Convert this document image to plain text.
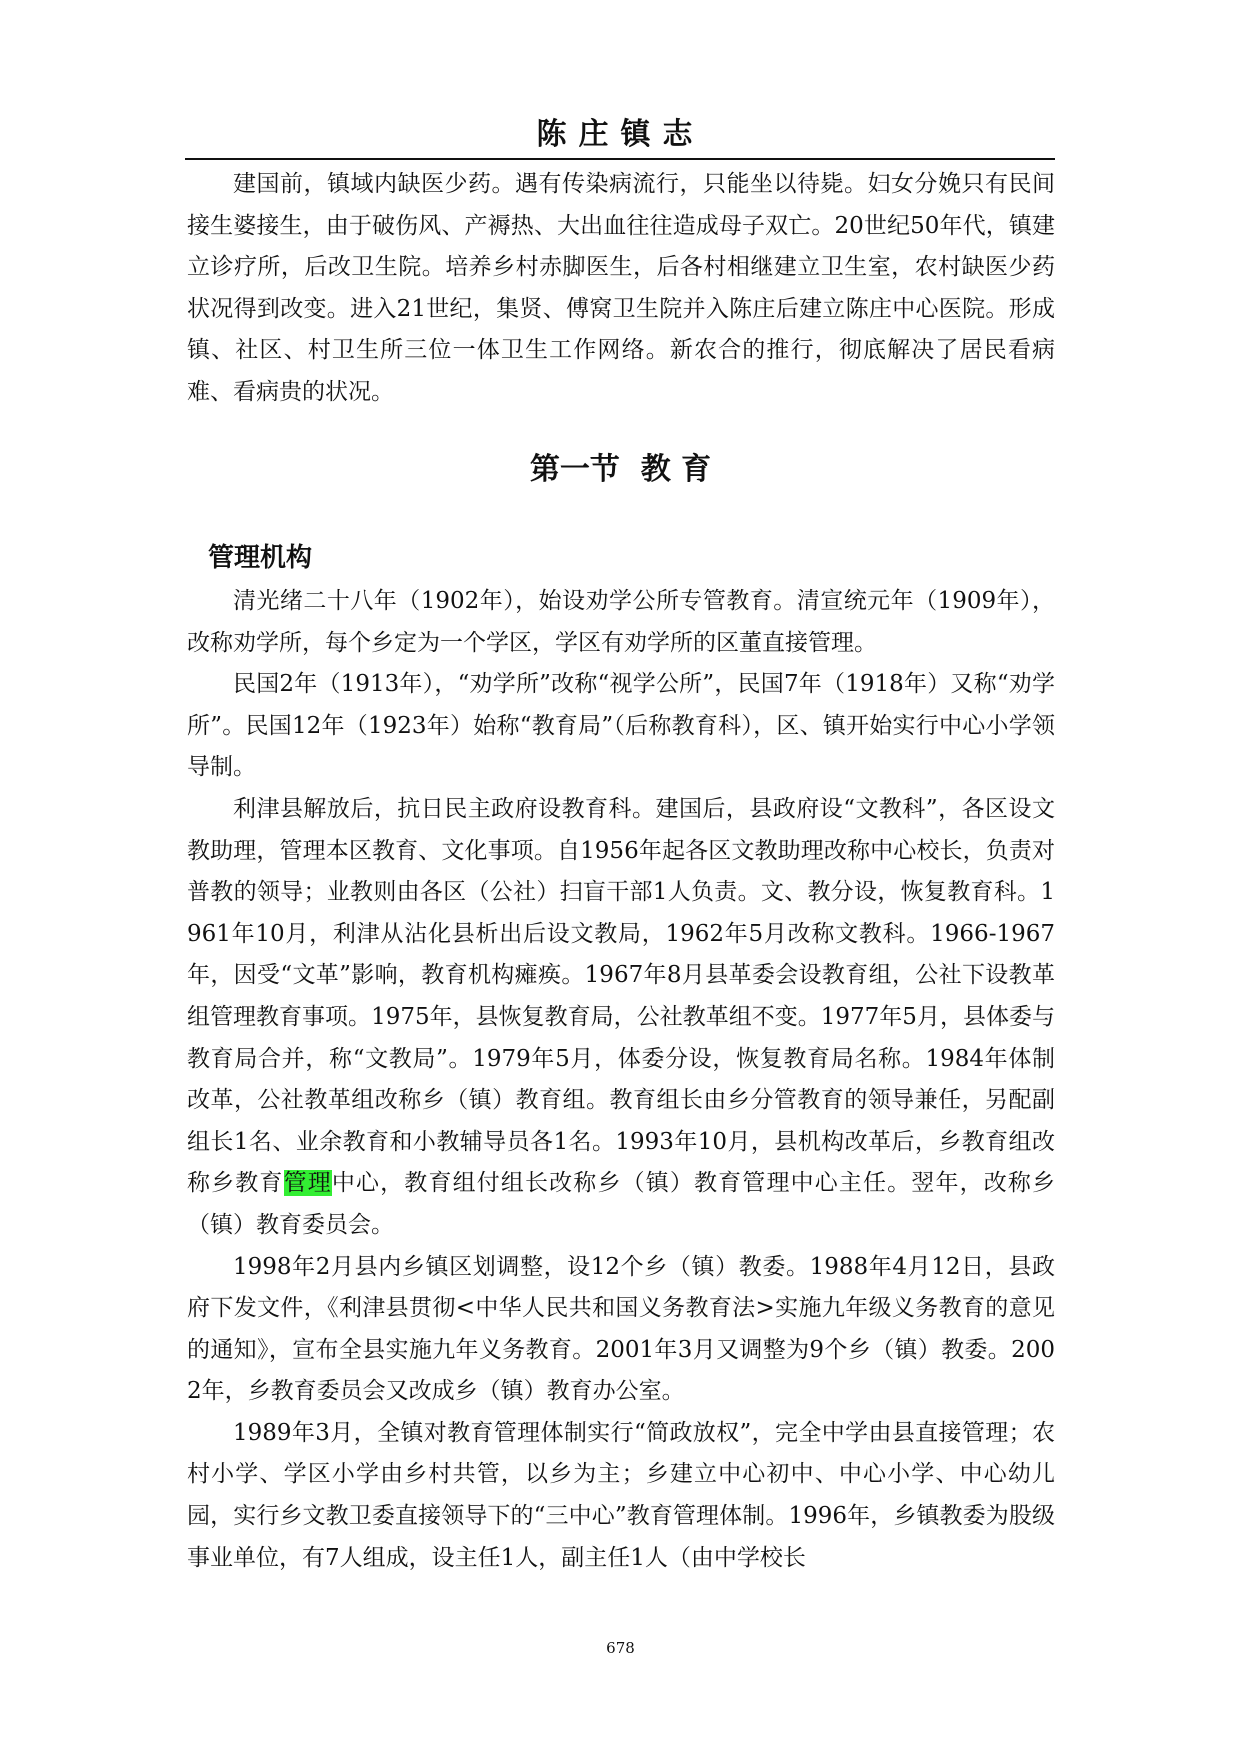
陈庄镇志

建国前，镇域内缺医少药。遇有传染病流行，只能坐以待毙。妇女分娩只有民间接生婆接生，由于破伤风、产褥热、大出血往往造成母子双亡。20世纪50年代，镇建立诊疗所，后改卫生院。培养乡村赤脚医生，后各村相继建立卫生室，农村缺医少药状况得到改变。进入21世纪，集贤、傅窝卫生院并入陈庄后建立陈庄中心医院。形成镇、社区、村卫生所三位一体卫生工作网络。新农合的推行，彻底解决了居民看病难、看病贵的状况。

第一节  教 育
管理机构

清光绪二十八年（1902年），始设劝学公所专管教育。清宣统元年（1909年），改称劝学所，每个乡定为一个学区，学区有劝学所的区董直接管理。

民国2年（1913年），“劝学所”改称“视学公所”，民国7年（1918年）又称“劝学所”。民国12年（1923年）始称“教育局”（后称教育科），区、镇开始实行中心小学领导制。

利津县解放后，抗日民主政府设教育科。建国后，县政府设“文教科”，各区设文教助理，管理本区教育、文化事项。自1956年起各区文教助理改称中心校长，负责对普教的领导；业教则由各区（公社）扫盲干部1人负责。文、教分设，恢复教育科。1961年10月，利津从沾化县析出后设文教局，1962年5月改称文教科。1966-1967年，因受“文革”影响，教育机构瘫痪。1967年8月县革委会设教育组，公社下设教革组管理教育事项。1975年，县恢复教育局，公社教革组不变。1977年5月，县体委与教育局合并，称“文教局”。1979年5月，体委分设，恢复教育局名称。1984年体制改革，公社教革组改称乡（镇）教育组。教育组长由乡分管教育的领导兼任，另配副组长1名、业余教育和小教辅导员各1名。1993年10月，县机构改革后，乡教育组改称乡教育管理中心，教育组付组长改称乡（镇）教育管理中心主任。翌年，改称乡（镇）教育委员会。

1998年2月县内乡镇区划调整，设12个乡（镇）教委。1988年4月12日，县政府下发文件，《利津县贯彻<中华人民共和国义务教育法>实施九年级义务教育的意见的通知》，宣布全县实施九年义务教育。2001年3月又调整为9个乡（镇）教委。2002年，乡教育委员会又改成乡（镇）教育办公室。

1989年3月，全镇对教育管理体制实行“简政放权”，完全中学由县直接管理；农村小学、学区小学由乡村共管，以乡为主；乡建立中心初中、中心小学、中心幼儿园，实行乡文教卫委直接领导下的“三中心”教育管理体制。1996年，乡镇教委为股级事业单位，有7人组成，设主任1人，副主任1人（由中学校长

678
